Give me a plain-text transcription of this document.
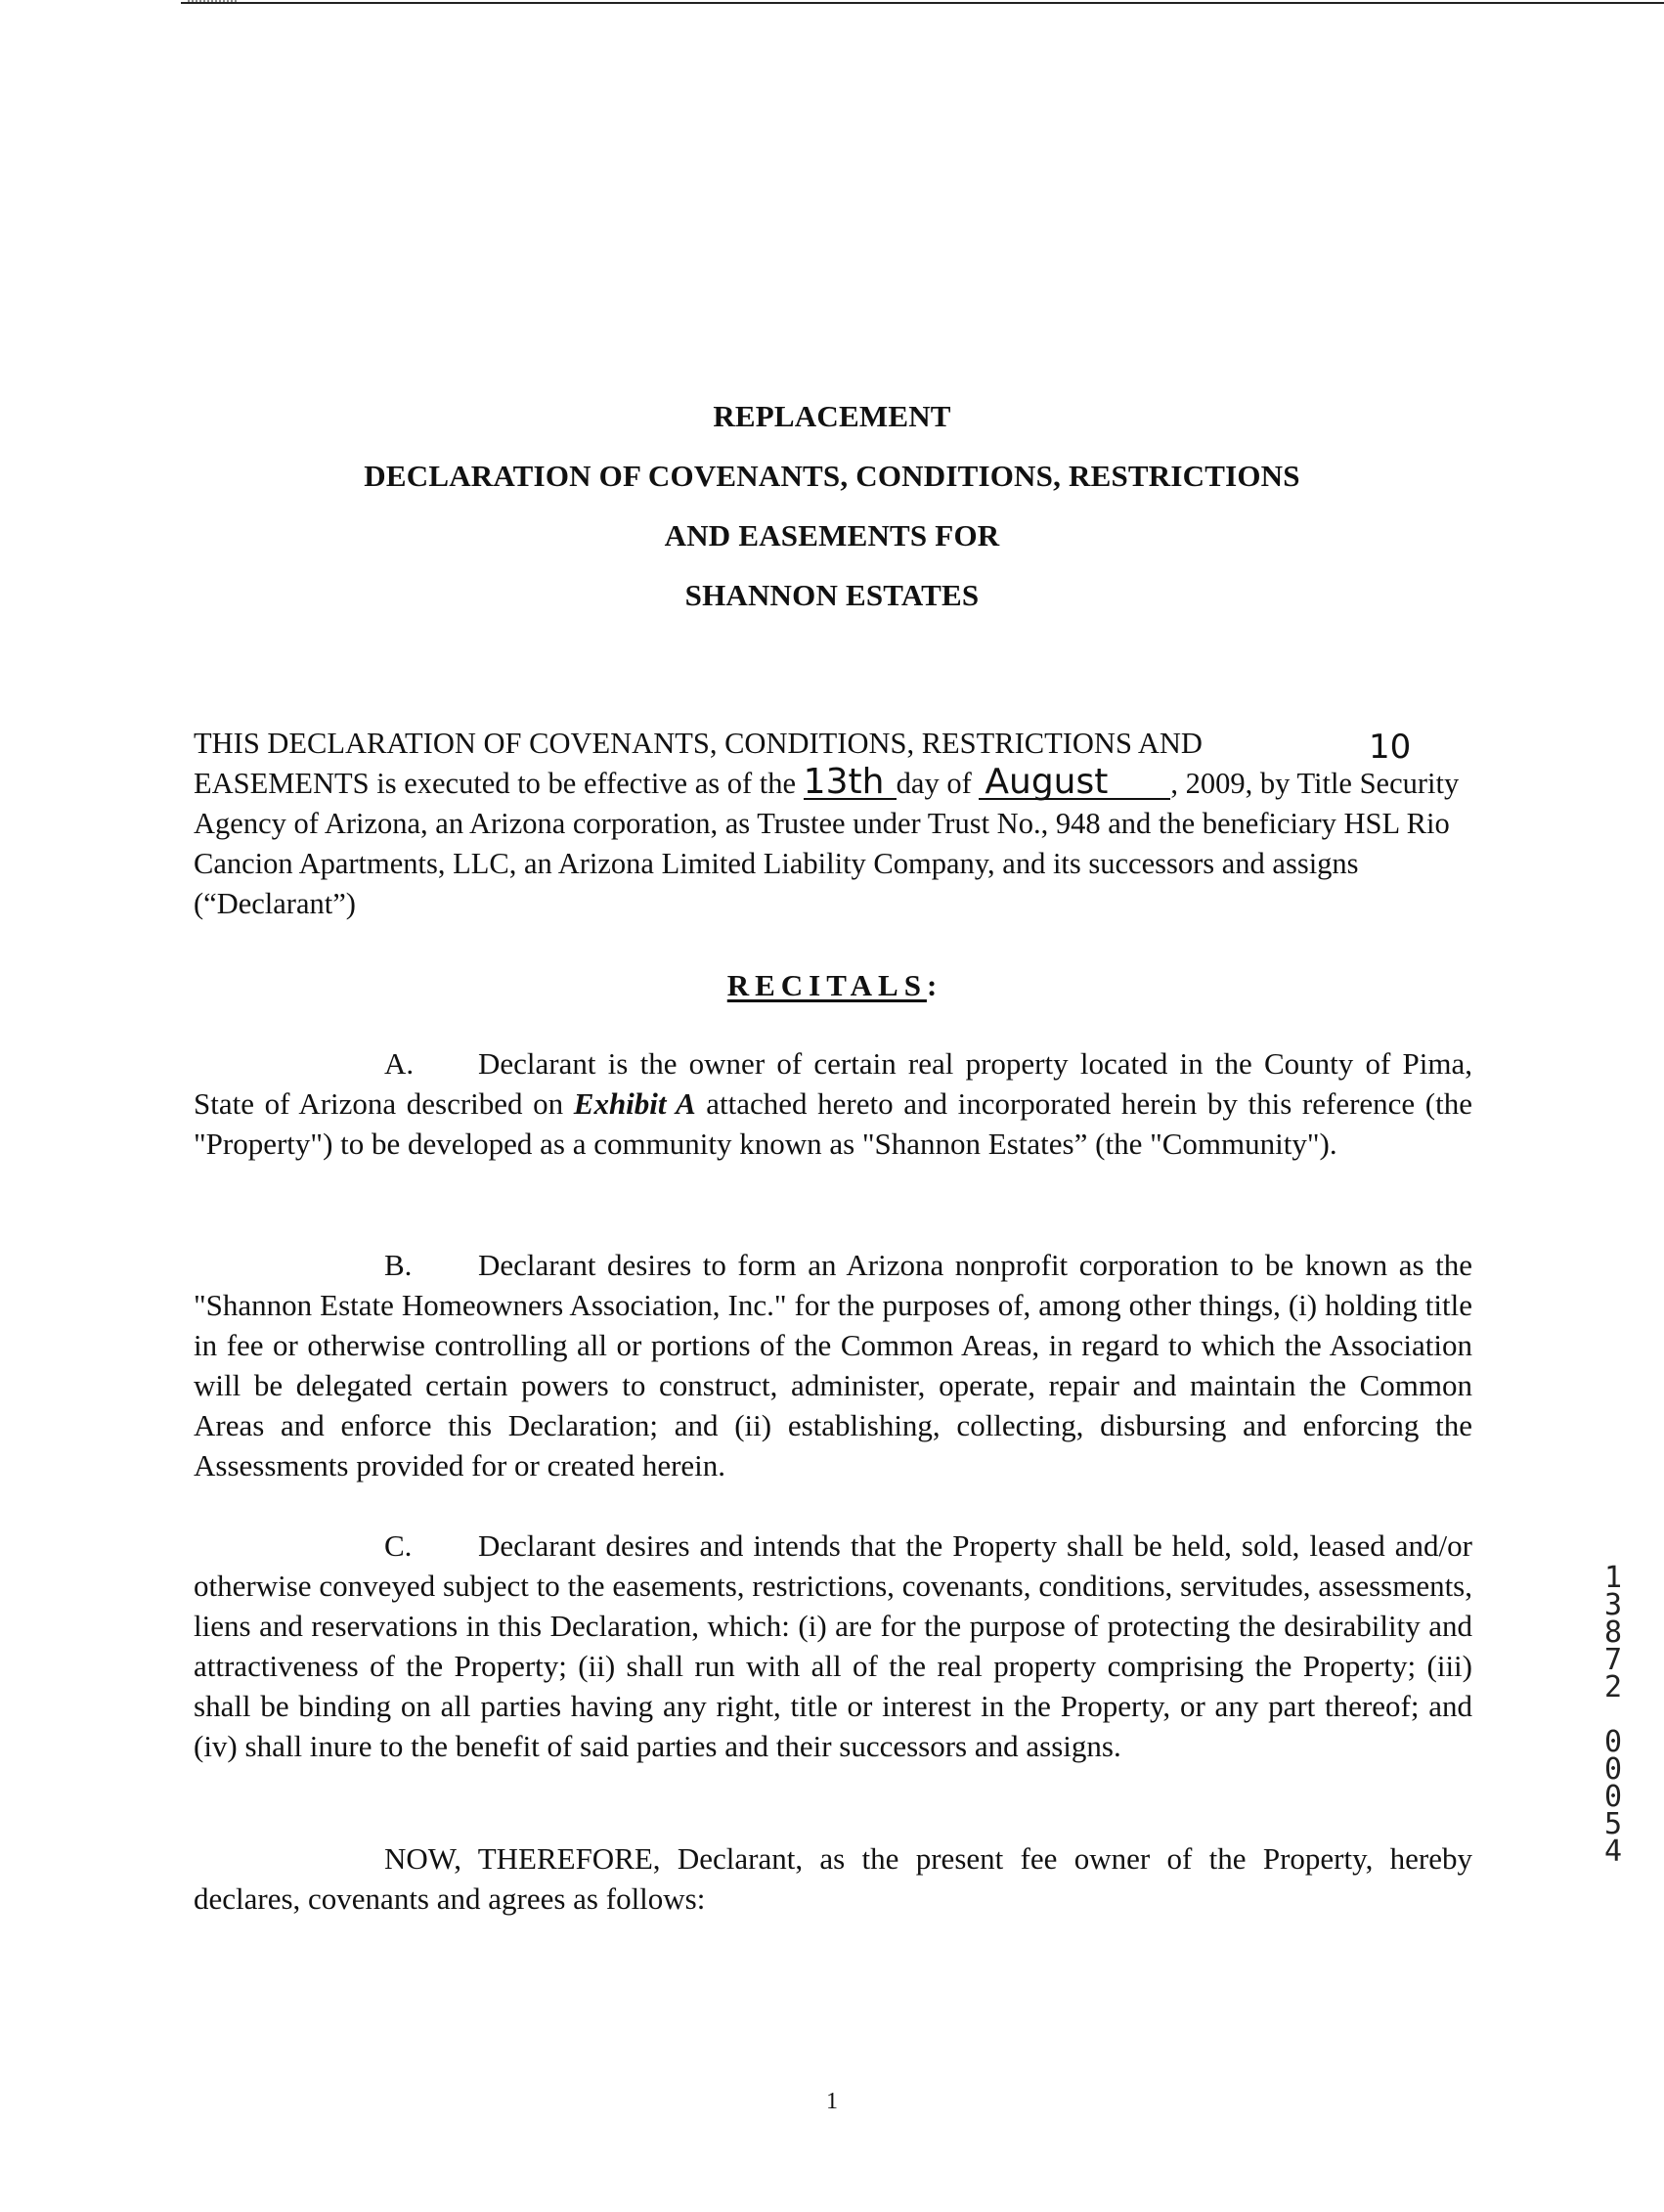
REPLACEMENT
DECLARATION OF COVENANTS, CONDITIONS, RESTRICTIONS
AND EASEMENTS FOR
SHANNON ESTATES
THIS DECLARATION OF COVENANTS, CONDITIONS, RESTRICTIONS AND
EASEMENTS is executed to be effective as of the 13th day of August , 2009, by Title Security Agency of Arizona, an Arizona corporation, as Trustee under Trust No., 948 and the beneficiary HSL Rio Cancion Apartments, LLC, an Arizona Limited Liability Company, and its successors and assigns (“Declarant”)
10
RECITALS:
A. Declarant is the owner of certain real property located in the County of Pima, State of Arizona described on Exhibit A attached hereto and incorporated herein by this reference (the "Property") to be developed as a community known as "Shannon Estates” (the "Community").
B. Declarant desires to form an Arizona nonprofit corporation to be known as the "Shannon Estate Homeowners Association, Inc." for the purposes of, among other things, (i) holding title in fee or otherwise controlling all or portions of the Common Areas, in regard to which the Association will be delegated certain powers to construct, administer, operate, repair and maintain the Common Areas and enforce this Declaration; and (ii) establishing, collecting, disbursing and enforcing the Assessments provided for or created herein.
C. Declarant desires and intends that the Property shall be held, sold, leased and/or otherwise conveyed subject to the easements, restrictions, covenants, conditions, servitudes, assessments, liens and reservations in this Declaration, which: (i) are for the purpose of protecting the desirability and attractiveness of the Property; (ii) shall run with all of the real property comprising the Property; (iii) shall be binding on all parties having any right, title or interest in the Property, or any part thereof; and (iv) shall inure to the benefit of said parties and their successors and assigns.
NOW, THEREFORE, Declarant, as the present fee owner of the Property, hereby declares, covenants and agrees as follows:
1
3
8
7
2
0
0
0
5
4
1
